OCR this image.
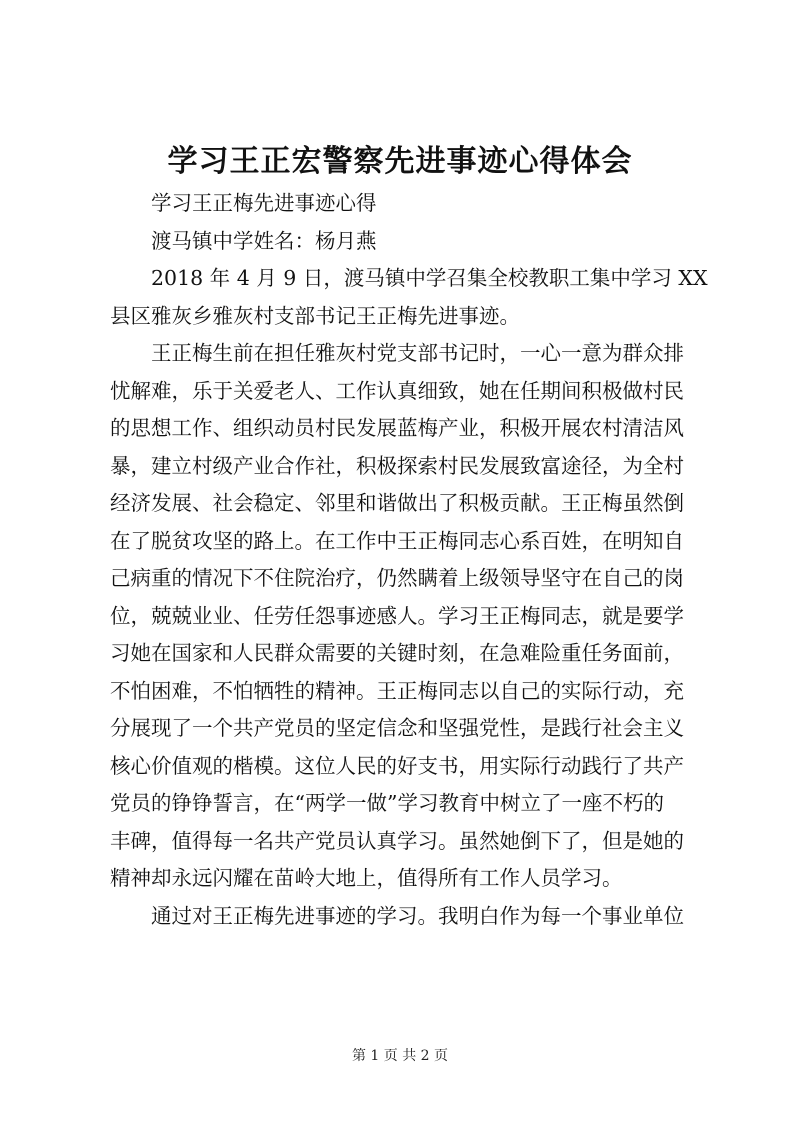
学习王正宏警察先进事迹心得体会
学习王正梅先进事迹心得
渡马镇中学姓名：杨月燕
2018 年 4 月 9 日，渡马镇中学召集全校教职工集中学习 XX
县区雅灰乡雅灰村支部书记王正梅先进事迹。
王正梅生前在担任雅灰村党支部书记时，一心一意为群众排
忧解难，乐于关爱老人、工作认真细致，她在任期间积极做村民
的思想工作、组织动员村民发展蓝梅产业，积极开展农村清洁风
暴，建立村级产业合作社，积极探索村民发展致富途径，为全村
经济发展、社会稳定、邻里和谐做出了积极贡献。王正梅虽然倒
在了脱贫攻坚的路上。在工作中王正梅同志心系百姓，在明知自
己病重的情况下不住院治疗，仍然瞒着上级领导坚守在自己的岗
位，兢兢业业、任劳任怨事迹感人。学习王正梅同志，就是要学
习她在国家和人民群众需要的关键时刻，在急难险重任务面前，
不怕困难，不怕牺牲的精神。王正梅同志以自己的实际行动，充
分展现了一个共产党员的坚定信念和坚强党性，是践行社会主义
核心价值观的楷模。这位人民的好支书，用实际行动践行了共产
党员的铮铮誓言，在“两学一做”学习教育中树立了一座不朽的
丰碑，值得每一名共产党员认真学习。虽然她倒下了，但是她的
精神却永远闪耀在苗岭大地上，值得所有工作人员学习。
通过对王正梅先进事迹的学习。我明白作为每一个事业单位
第 1 页 共 2 页
